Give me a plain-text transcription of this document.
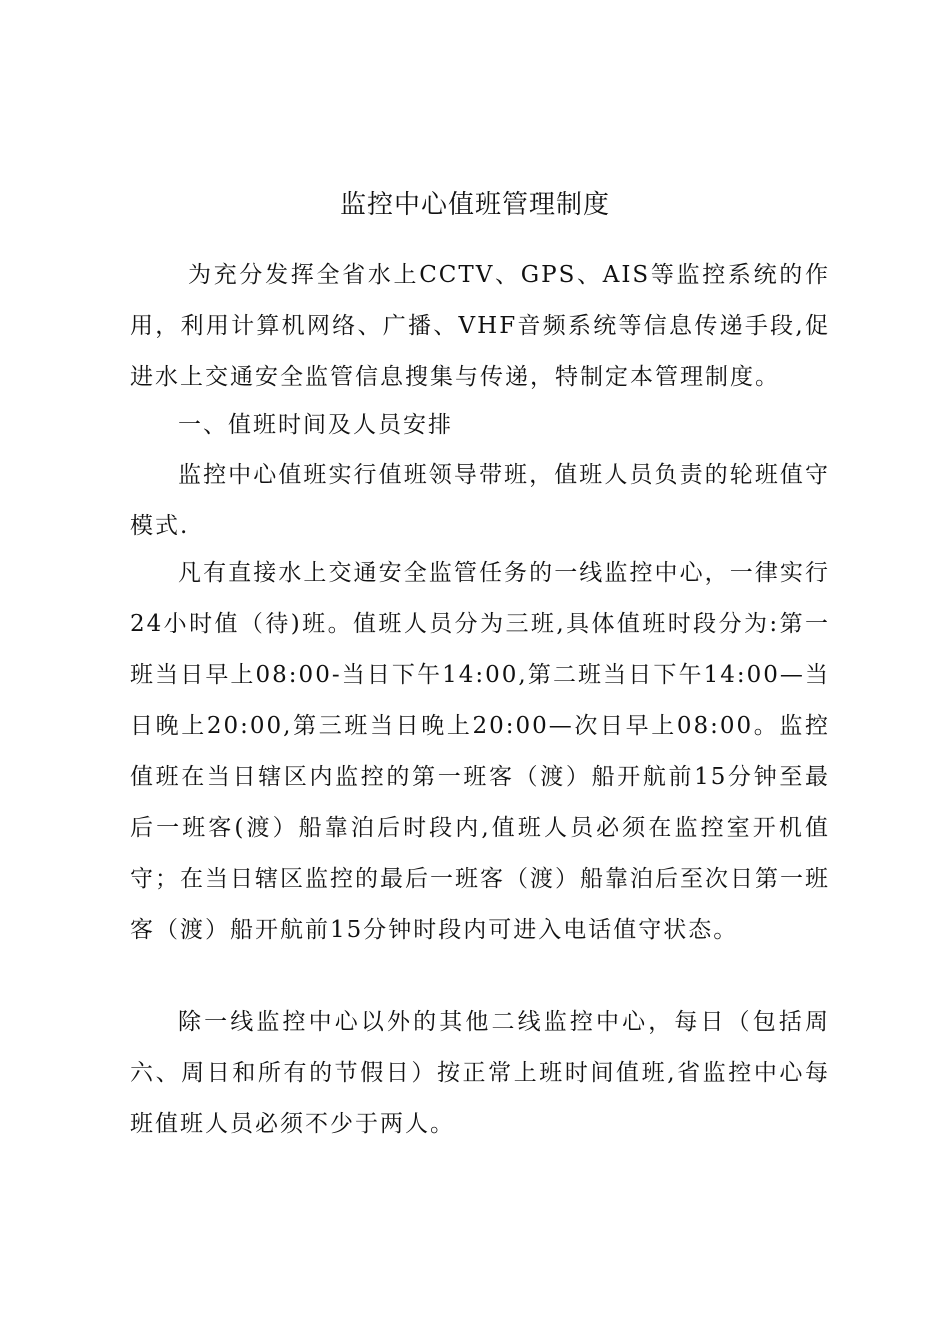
监控中心值班管理制度

为充分发挥全省水上CCTV、GPS、AIS等监控系统的作用，利用计算机网络、广播、VHF音频系统等信息传递手段,促进水上交通安全监管信息搜集与传递，特制定本管理制度。

一、值班时间及人员安排

监控中心值班实行值班领导带班，值班人员负责的轮班值守模式.

凡有直接水上交通安全监管任务的一线监控中心，一律实行24小时值（待)班。值班人员分为三班,具体值班时段分为:第一班当日早上08:00-当日下午14:00,第二班当日下午14:00—当日晚上20:00,第三班当日晚上20:00—次日早上08:00。监控值班在当日辖区内监控的第一班客（渡）船开航前15分钟至最后一班客(渡）船靠泊后时段内,值班人员必须在监控室开机值守；在当日辖区监控的最后一班客（渡）船靠泊后至次日第一班客（渡）船开航前15分钟时段内可进入电话值守状态。

除一线监控中心以外的其他二线监控中心，每日（包括周六、周日和所有的节假日）按正常上班时间值班,省监控中心每班值班人员必须不少于两人。
